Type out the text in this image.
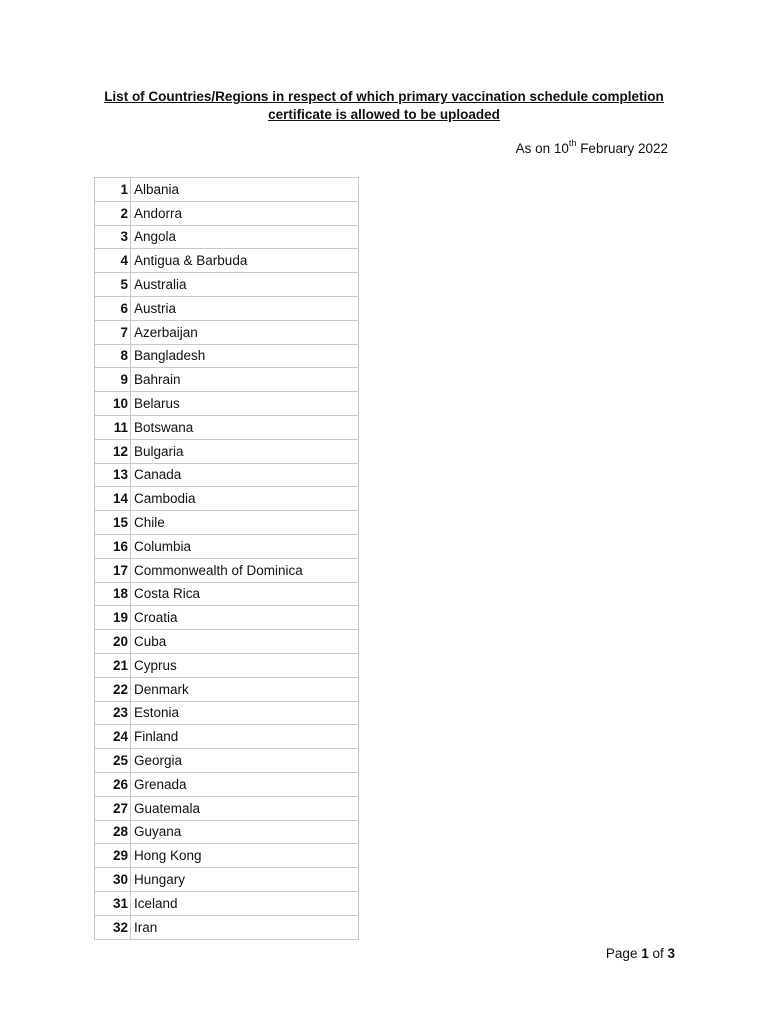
List of Countries/Regions in respect of which primary vaccination schedule completion
certificate is allowed to be uploaded
As on 10th February 2022
1	Albania
2	Andorra
3	Angola
4	Antigua & Barbuda
5	Australia
6	Austria
7	Azerbaijan
8	Bangladesh
9	Bahrain
10	Belarus
11	Botswana
12	Bulgaria
13	Canada
14	Cambodia
15	Chile
16	Columbia
17	Commonwealth of Dominica
18	Costa Rica
19	Croatia
20	Cuba
21	Cyprus
22	Denmark
23	Estonia
24	Finland
25	Georgia
26	Grenada
27	Guatemala
28	Guyana
29	Hong Kong
30	Hungary
31	Iceland
32	Iran
Page 1 of 3
